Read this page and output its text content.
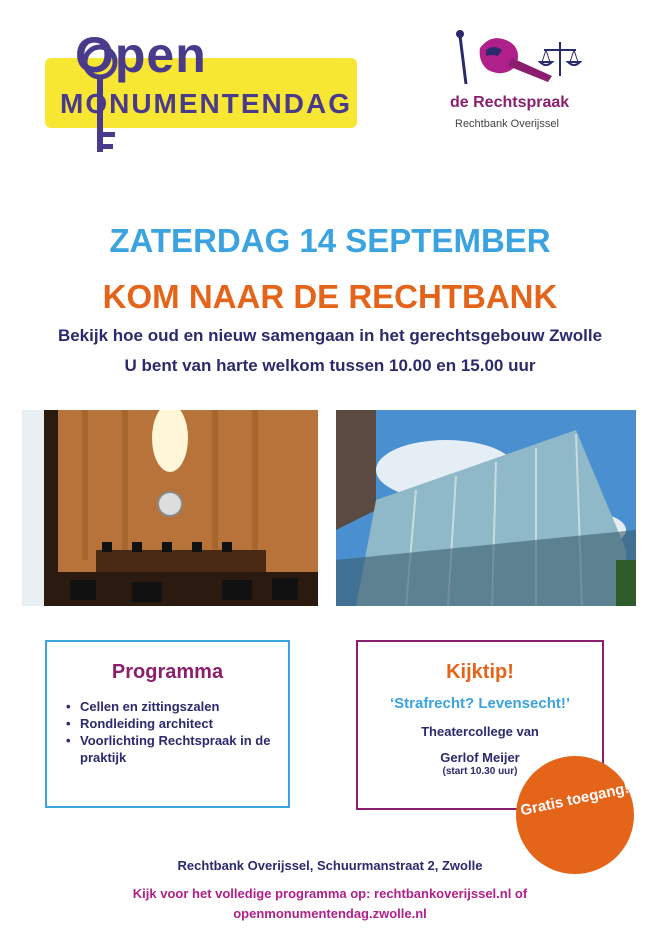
Open
MONUMENTENDAG	de Rechtspraak
Rechtbank Overijssel
ZATERDAG 14 SEPTEMBER
KOM NAAR DE RECHTBANK
Bekijk hoe oud en nieuw samengaan in het gerechtsgebouw Zwolle
U bent van harte welkom tussen 10.00 en 15.00 uur
Programma
• Cellen en zittingszalen
• Rondleiding architect
• Voorlichting Rechtspraak in de praktijk
Kijktip!
‘Strafrecht? Levensecht!’
Theatercollege van
Gerlof Meijer
(start 10.30 uur)
Gratis toegang!
Rechtbank Overijssel, Schuurmanstraat 2, Zwolle
Kijk voor het volledige programma op: rechtbankoverijssel.nl of
openmonumentendag.zwolle.nl
